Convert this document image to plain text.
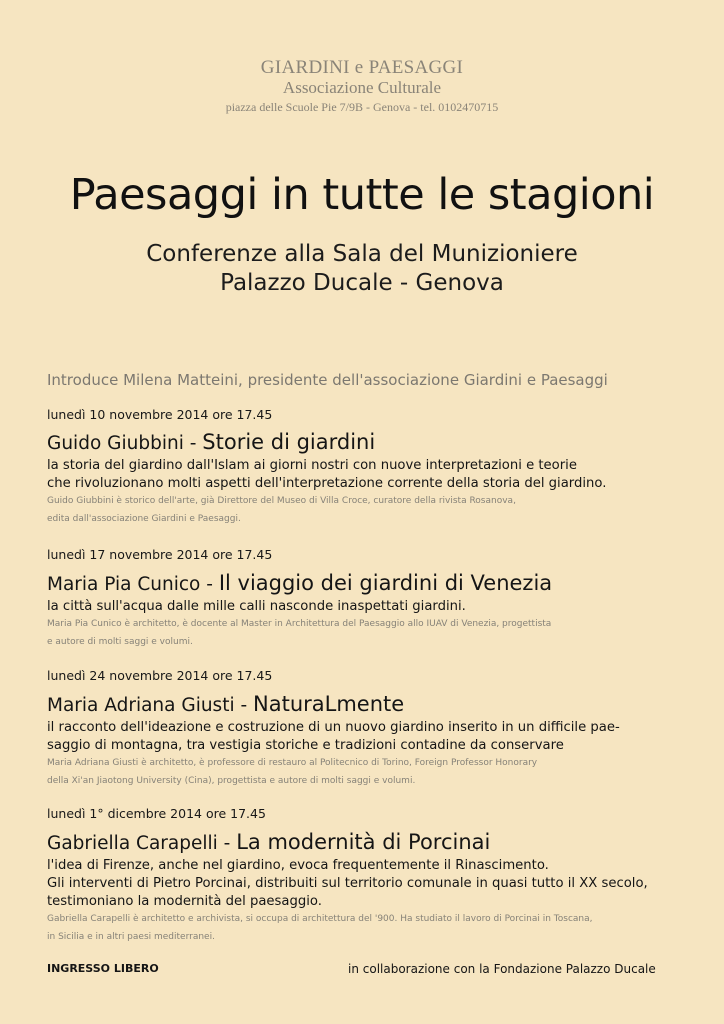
GIARDINI e PAESAGGI
Associazione Culturale
piazza delle Scuole Pie 7/9B - Genova - tel. 0102470715
Paesaggi in tutte le stagioni
Conferenze alla Sala del Munizioniere
Palazzo Ducale - Genova
Introduce Milena Matteini, presidente dell'associazione Giardini e Paesaggi
lunedì 10 novembre 2014 ore 17.45
Guido Giubbini - Storie di giardini
la storia del giardino dall'Islam ai giorni nostri con nuove interpretazioni e teorie
che rivoluzionano molti aspetti dell'interpretazione corrente della storia del giardino.
Guido Giubbini è storico dell'arte, già Direttore del Museo di Villa Croce, curatore della rivista Rosanova,
edita dall'associazione Giardini e Paesaggi.
lunedì 17 novembre 2014 ore 17.45
Maria Pia Cunico - Il viaggio dei giardini di Venezia
la città sull'acqua dalle mille calli nasconde inaspettati giardini.
Maria Pia Cunico è architetto, è docente al Master in Architettura del Paesaggio allo IUAV di Venezia, progettista
e autore di molti saggi e volumi.
lunedì 24 novembre 2014 ore 17.45
Maria Adriana Giusti - NaturaLmente
il racconto dell'ideazione e costruzione di un nuovo giardino inserito in un difficile pae-
saggio di montagna, tra vestigia storiche e tradizioni contadine da conservare
Maria Adriana Giusti è architetto, è professore di restauro al Politecnico di Torino, Foreign Professor Honorary
della Xi'an Jiaotong University (Cina), progettista e autore di molti saggi e volumi.
lunedì 1° dicembre 2014 ore 17.45
Gabriella Carapelli - La modernità di Porcinai
l'idea di Firenze, anche nel giardino, evoca frequentemente il Rinascimento.
Gli interventi di Pietro Porcinai, distribuiti sul territorio comunale in quasi tutto il XX secolo,
testimoniano la modernità del paesaggio.
Gabriella Carapelli è architetto e archivista, si occupa di architettura del '900. Ha studiato il lavoro di Porcinai in Toscana,
in Sicilia e in altri paesi mediterranei.
INGRESSO LIBERO	in collaborazione con la Fondazione Palazzo Ducale
